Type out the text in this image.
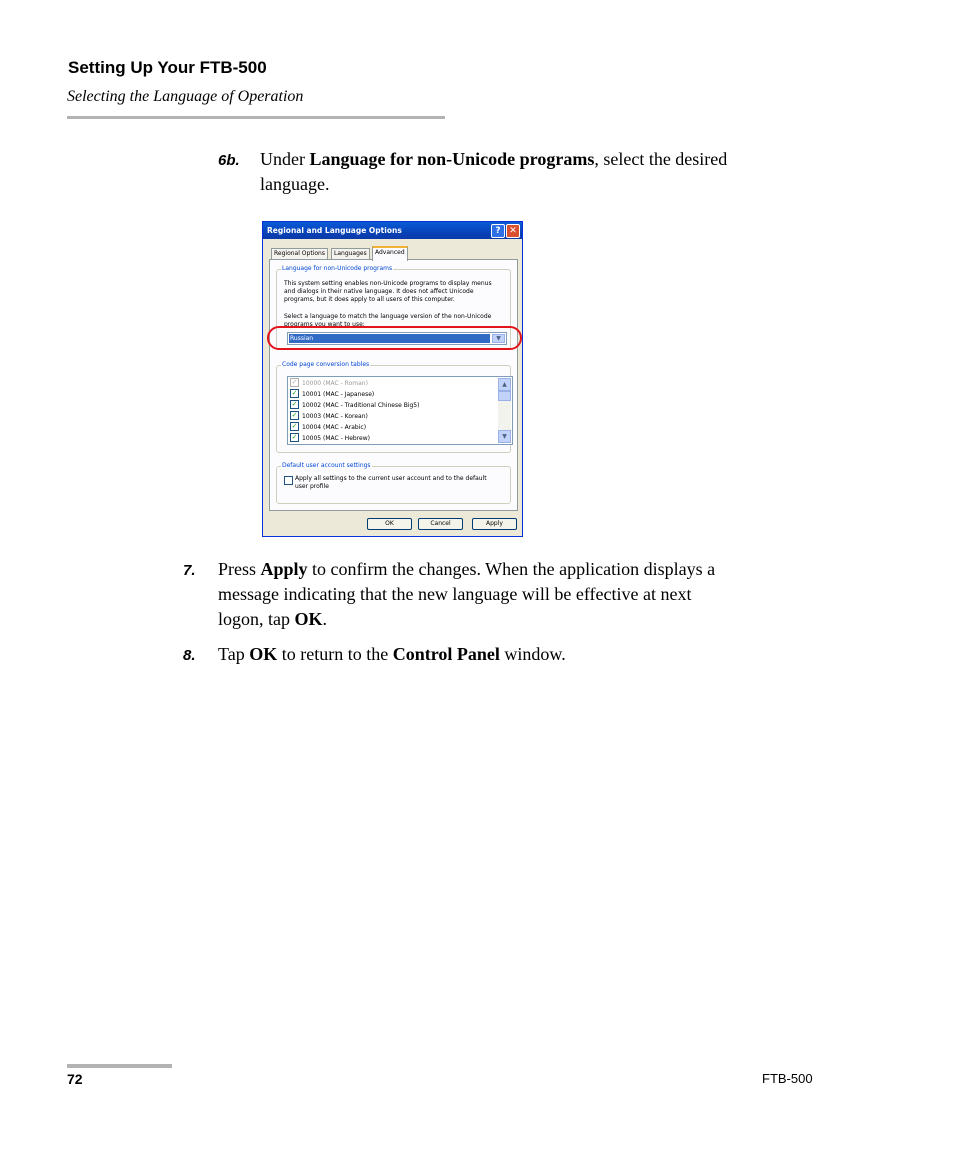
Setting Up Your FTB-500
Selecting the Language of Operation
6b. Under Language for non-Unicode programs, select the desired
language.
Regional and Language Options	? ✕
Regional Options	Languages	Advanced
Language for non-Unicode programs
This system setting enables non-Unicode programs to display menus
and dialogs in their native language. It does not affect Unicode
programs, but it does apply to all users of this computer.
Select a language to match the language version of the non-Unicode
programs you want to use:
Russian	▼
Code page conversion tables
✓ 10000 (MAC - Roman)
✓ 10001 (MAC - Japanese)
✓ 10002 (MAC - Traditional Chinese Big5)
✓ 10003 (MAC - Korean)
✓ 10004 (MAC - Arabic)
✓ 10005 (MAC - Hebrew)
▲
▼
Default user account settings
Apply all settings to the current user account and to the default
user profile
OK	Cancel	Apply
7. Press Apply to confirm the changes. When the application displays a
message indicating that the new language will be effective at next
logon, tap OK.
8. Tap OK to return to the Control Panel window.
72	FTB-500
